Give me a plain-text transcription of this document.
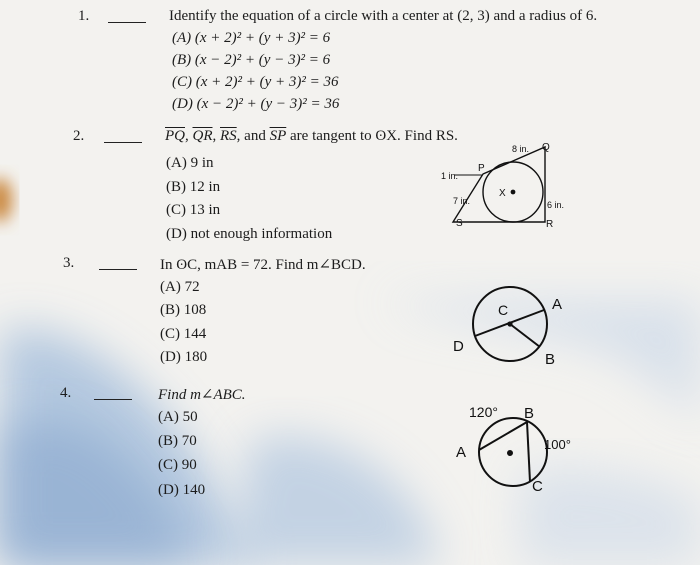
1.	Identify the equation of a circle with a center at (2, 3) and a radius of 6.
(A) (x + 2)² + (y + 3)² = 6
(B) (x − 2)² + (y − 3)² = 6
(C) (x + 2)² + (y + 3)² = 36
(D) (x − 2)² + (y − 3)² = 36
2.	$\overline{PQ}$, $\overline{QR}$, $\overline{RS}$, and $\overline{SP}$ are tangent to ʘX. Find RS.
(A) 9 in
(B) 12 in
(C) 13 in
(D) not enough information
8 in. Q
P
1 in.
X
7 in.	6 in.
S	R
3.	In ʘC, mAB = 72. Find m∠BCD.
(A) 72
(B) 108
(C) 144
(D) 180
C	A
D
B
4.	Find m∠ABC.
(A) 50
(B) 70
(C) 90
(D) 140
120° B
A	100°
C
